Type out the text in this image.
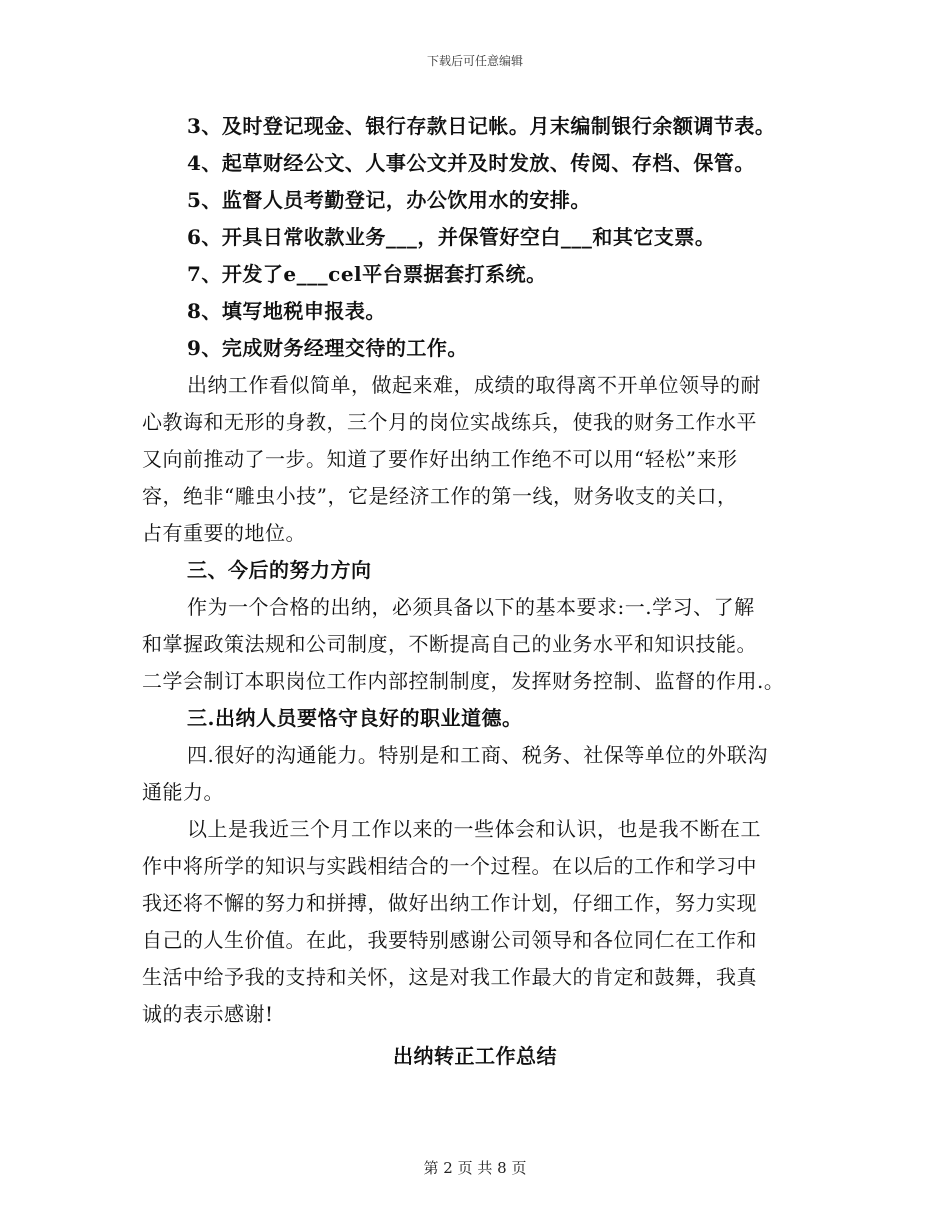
下载后可任意编辑
3、及时登记现金、银行存款日记帐。月末编制银行余额调节表。
4、起草财经公文、人事公文并及时发放、传阅、存档、保管。
5、监督人员考勤登记，办公饮用水的安排。
6、开具日常收款业务___，并保管好空白___和其它支票。
7、开发了e___cel平台票据套打系统。
8、填写地税申报表。
9、完成财务经理交待的工作。
出纳工作看似简单，做起来难，成绩的取得离不开单位领导的耐
心教诲和无形的身教，三个月的岗位实战练兵，使我的财务工作水平
又向前推动了一步。知道了要作好出纳工作绝不可以用“轻松”来形
容，绝非“雕虫小技”，它是经济工作的第一线，财务收支的关口，
占有重要的地位。
三、今后的努力方向
作为一个合格的出纳，必须具备以下的基本要求:一.学习、了解
和掌握政策法规和公司制度，不断提高自己的业务水平和知识技能。
二学会制订本职岗位工作内部控制制度，发挥财务控制、监督的作用.。
三.出纳人员要恪守良好的职业道德。
四.很好的沟通能力。特别是和工商、税务、社保等单位的外联沟
通能力。
以上是我近三个月工作以来的一些体会和认识，也是我不断在工
作中将所学的知识与实践相结合的一个过程。在以后的工作和学习中
我还将不懈的努力和拼搏，做好出纳工作计划，仔细工作，努力实现
自己的人生价值。在此，我要特别感谢公司领导和各位同仁在工作和
生活中给予我的支持和关怀，这是对我工作最大的肯定和鼓舞，我真
诚的表示感谢!
出纳转正工作总结
第 2 页 共 8 页
